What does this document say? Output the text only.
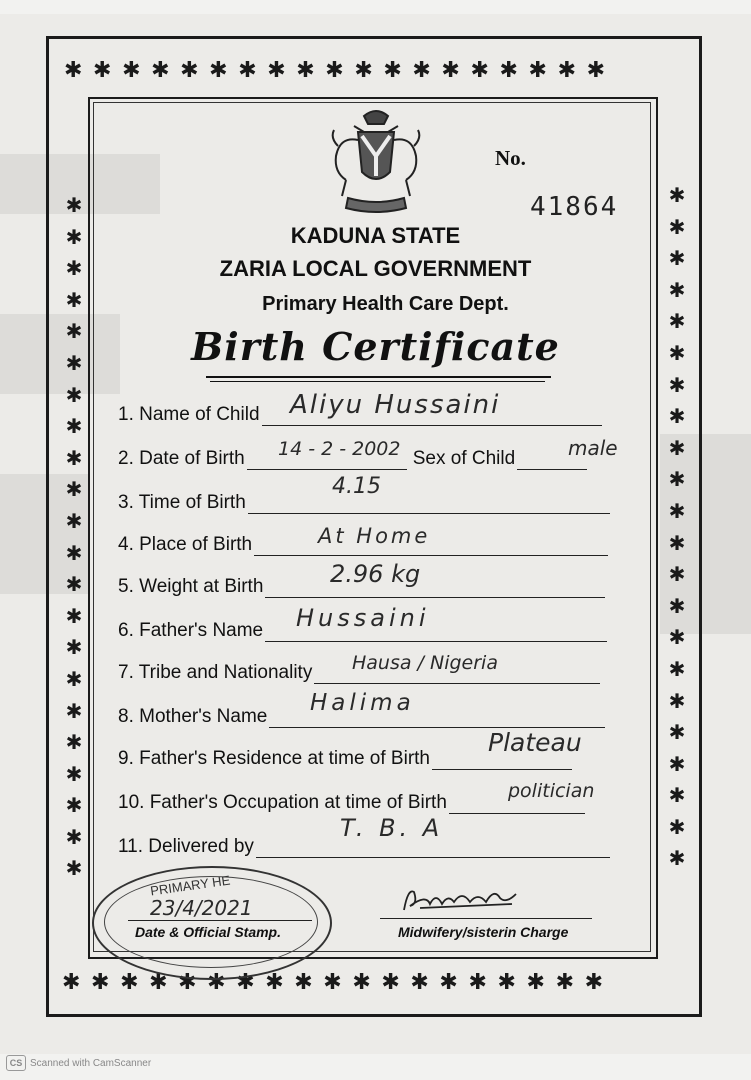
✱✱✱✱✱✱✱✱✱✱✱✱✱✱✱✱✱✱✱
✱✱✱✱✱✱✱✱✱✱✱✱✱✱✱✱✱✱✱
✱
✱
✱
✱
✱
✱
✱
✱
✱
✱
✱
✱
✱
✱
✱
✱
✱
✱
✱
✱
✱
✱
✱
✱
✱
✱
✱
✱
✱
✱
✱
✱
✱
✱
✱
✱
✱
✱
✱
✱
✱
✱
✱
✱
No.
41864
KADUNA STATE
ZARIA LOCAL GOVERNMENT
Primary Health Care Dept.
Birth Certificate
1. Name of Child Aliyu Hussaini
2. Date of Birth	Sex of Child
14 - 2 - 2002	male
3. Time of Birth
4.15
4. Place of Birth	At Home
5. Weight at Birth	2.96 kg
6. Father's Name Hussaini
7. Tribe and Nationality Hausa / Nigeria
8. Mother's Name
Halima
9. Father's Residence at time of Birth
Plateau
10. Father's Occupation at time of Birth
politician
11. Delivered by
T. B. A
PRIMARY HE
23/4/2021
Date & Official Stamp.	Midwifery/sisterin Charge
CS Scanned with CamScanner
